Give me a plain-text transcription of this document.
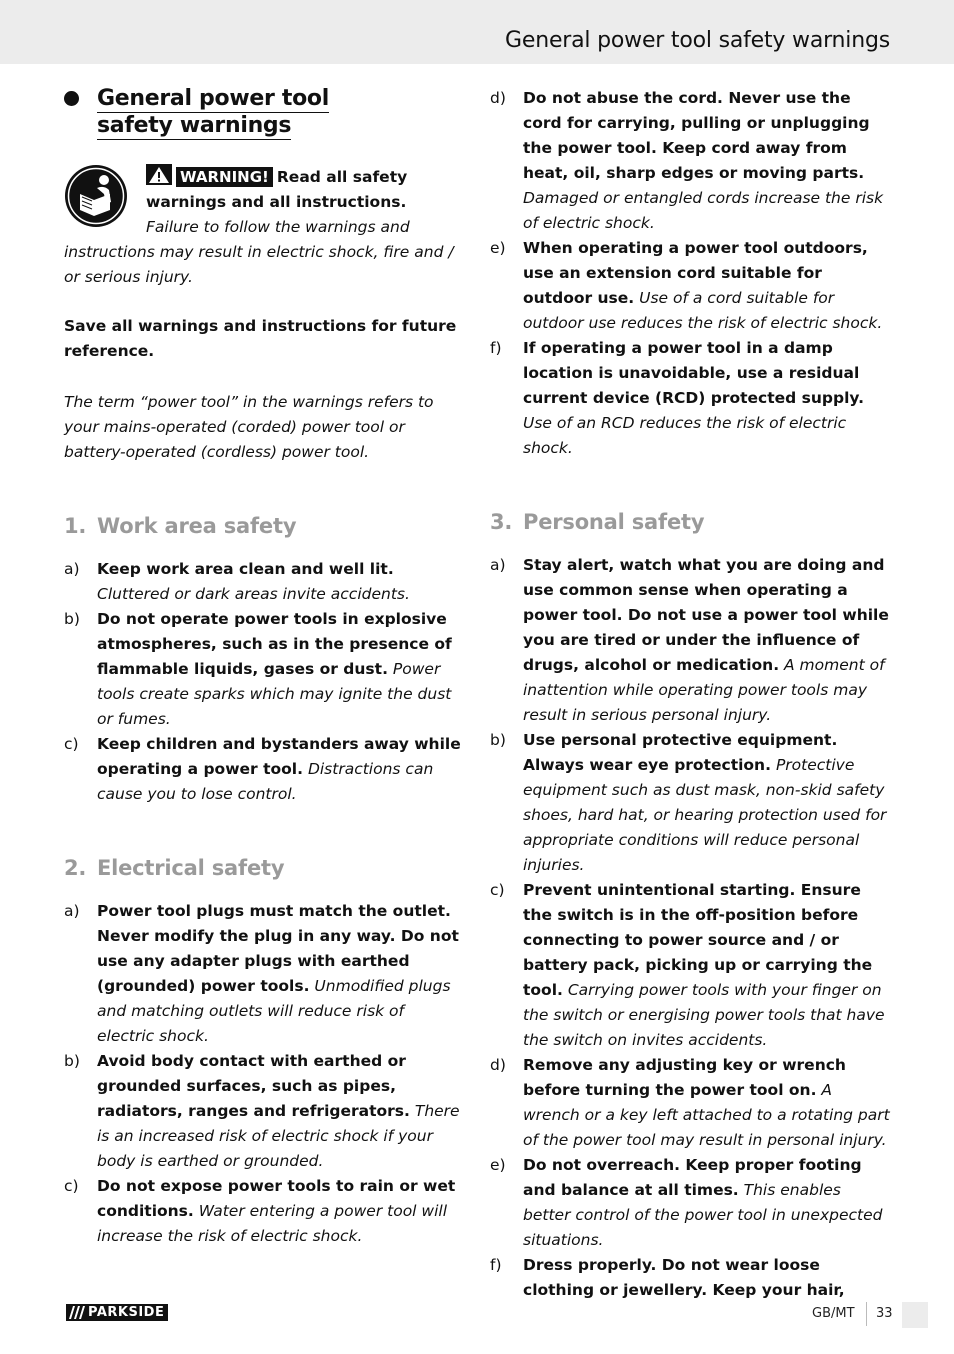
General power tool safety warnings
General power tool
safety warnings
WARNING! Read all safety warnings and all instructions. Failure to follow the warnings and instructions may result in electric shock, fire and / or serious injury.

Save all warnings and instructions for future reference.

The term “power tool” in the warnings refers to your mains-operated (corded) power tool or battery-operated (cordless) power tool.

1. Work area safety
a)	Keep work area clean and well lit. Cluttered or dark areas invite accidents.
b)	Do not operate power tools in explosive atmospheres, such as in the presence of flammable liquids, gases or dust. Power tools create sparks which may ignite the dust or fumes.
c)	Keep children and bystanders away while operating a power tool. Distractions can cause you to lose control.
2. Electrical safety
a)	Power tool plugs must match the outlet. Never modify the plug in any way. Do not use any adapter plugs with earthed (grounded) power tools. Unmodified plugs and matching outlets will reduce risk of electric shock.
b)	Avoid body contact with earthed or grounded surfaces, such as pipes, radiators, ranges and refrigerators. There is an increased risk of electric shock if your body is earthed or grounded.
c)	Do not expose power tools to rain or wet conditions. Water entering a power tool will increase the risk of electric shock.
d)	Do not abuse the cord. Never use the cord for carrying, pulling or unplugging the power tool. Keep cord away from heat, oil, sharp edges or moving parts. Damaged or entangled cords increase the risk of electric shock.
e)	When operating a power tool outdoors, use an extension cord suitable for outdoor use. Use of a cord suitable for outdoor use reduces the risk of electric shock.
f)	If operating a power tool in a damp location is unavoidable, use a residual current device (RCD) protected supply. Use of an RCD reduces the risk of electric shock.
3. Personal safety
a)	Stay alert, watch what you are doing and use common sense when operating a power tool. Do not use a power tool while you are tired or under the influence of drugs, alcohol or medication. A moment of inattention while operating power tools may result in serious personal injury.
b)	Use personal protective equipment. Always wear eye protection. Protective equipment such as dust mask, non-skid safety shoes, hard hat, or hearing protection used for appropriate conditions will reduce personal injuries.
c)	Prevent unintentional starting. Ensure the switch is in the off-position before connecting to power source and / or battery pack, picking up or carrying the tool. Carrying power tools with your finger on the switch or energising power tools that have the switch on invites accidents.
d)	Remove any adjusting key or wrench before turning the power tool on. A wrench or a key left attached to a rotating part of the power tool may result in personal injury.
e)	Do not overreach. Keep proper footing and balance at all times. This enables better control of the power tool in unexpected situations.
f)	Dress properly. Do not wear loose clothing or jewellery. Keep your hair,
PARKSIDE	GB/MT 33
